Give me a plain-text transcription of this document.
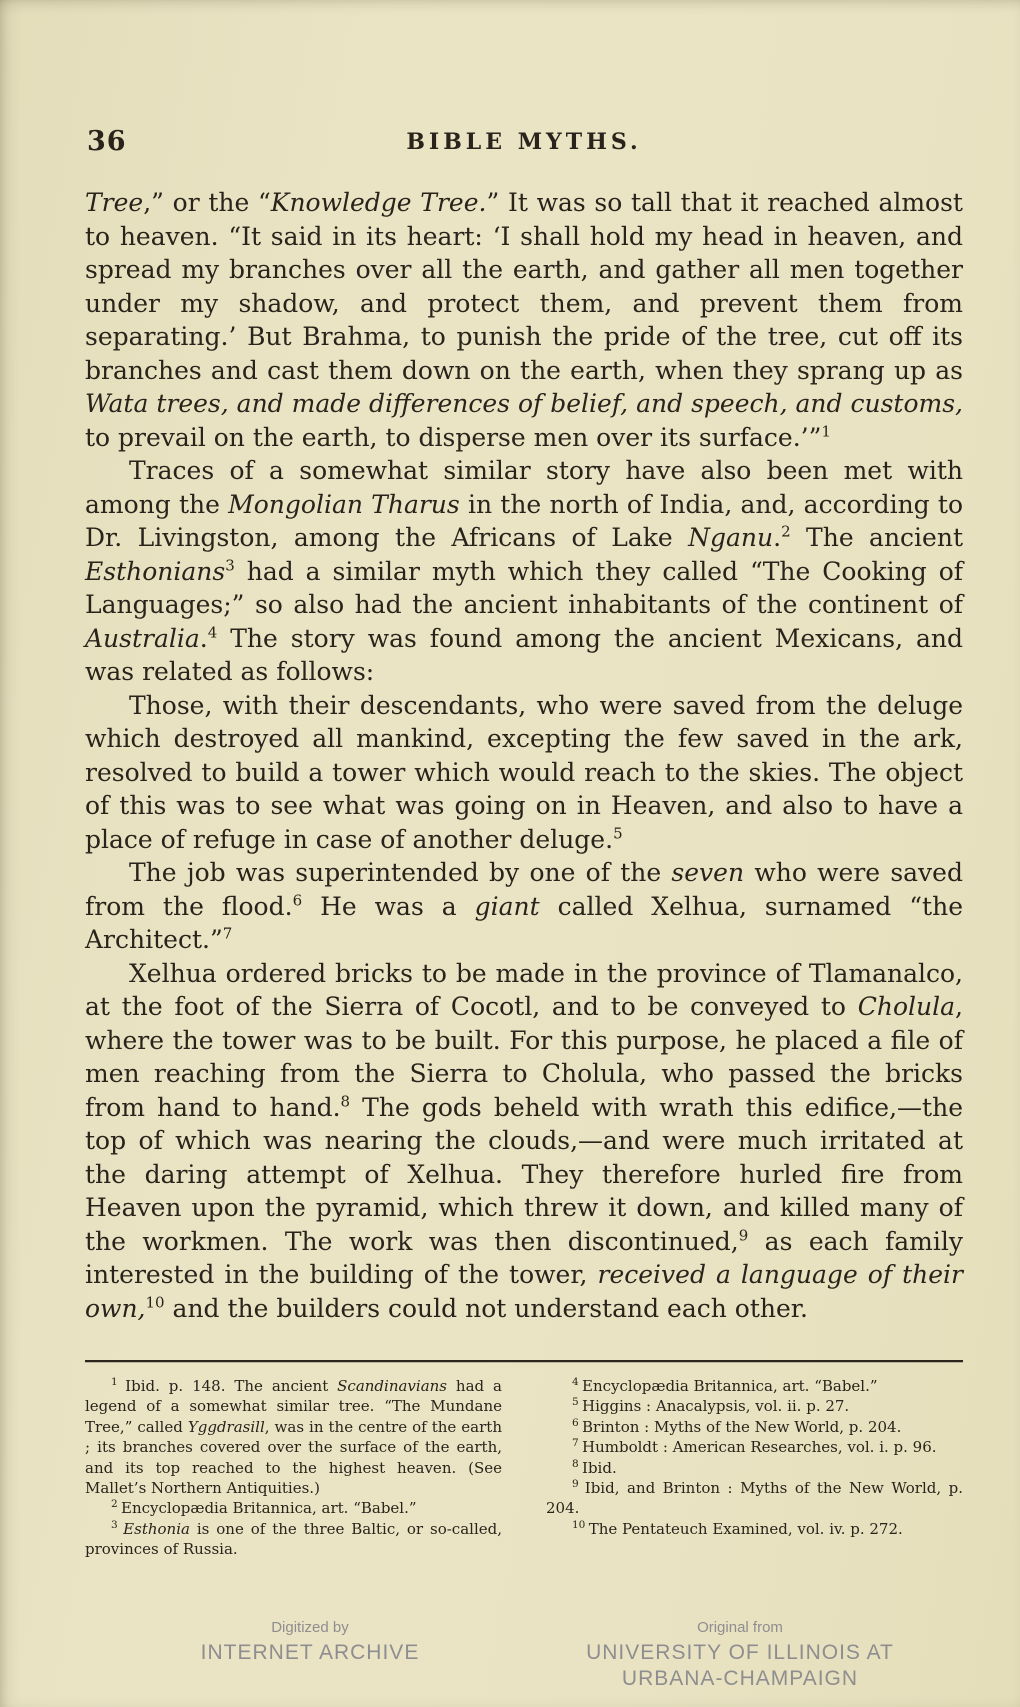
36	BIBLE MYTHS.

Tree,” or the “Knowledge Tree.” It was so tall that it reached almost to heaven. “It said in its heart: ‘I shall hold my head in heaven, and spread my branches over all the earth, and gather all men together under my shadow, and protect them, and prevent them from separating.’ But Brahma, to punish the pride of the tree, cut off its branches and cast them down on the earth, when they sprang up as Wata trees, and made differences of belief, and speech, and customs, to prevail on the earth, to disperse men over its surface.’”$^1$

Traces of a somewhat similar story have also been met with among the Mongolian Tharus in the north of India, and, according to Dr. Livingston, among the Africans of Lake Nganu.$^2$ The ancient Esthonians$^3$ had a similar myth which they called “The Cooking of Languages;” so also had the ancient inhabitants of the continent of Australia.$^4$ The story was found among the ancient Mexicans, and was related as follows:

Those, with their descendants, who were saved from the deluge which destroyed all mankind, excepting the few saved in the ark, resolved to build a tower which would reach to the skies. The object of this was to see what was going on in Heaven, and also to have a place of refuge in case of another deluge.$^5$

The job was superintended by one of the seven who were saved from the flood.$^6$ He was a giant called Xelhua, surnamed “the Architect.”$^7$

Xelhua ordered bricks to be made in the province of Tlamanalco, at the foot of the Sierra of Cocotl, and to be conveyed to Cholula, where the tower was to be built. For this purpose, he placed a file of men reaching from the Sierra to Cholula, who passed the bricks from hand to hand.$^8$ The gods beheld with wrath this edifice,—the top of which was nearing the clouds,—and were much irritated at the daring attempt of Xelhua. They therefore hurled fire from Heaven upon the pyramid, which threw it down, and killed many of the workmen. The work was then discontinued,$^9$ as each family interested in the building of the tower, received a language of their own,$^{10}$ and the builders could not understand each other.

$^1$ Ibid. p. 148. The ancient Scandinavians had a legend of a somewhat similar tree. “The Mundane Tree,” called Yggdrasill, was in the centre of the earth ; its branches covered over the surface of the earth, and its top reached to the highest heaven. (See Mallet’s Northern Antiquities.)

$^2$ Encyclopædia Britannica, art. “Babel.”

$^3$ Esthonia is one of the three Baltic, or so-called, provinces of Russia.

$^4$ Encyclopædia Britannica, art. “Babel.”

$^5$ Higgins : Anacalypsis, vol. ii. p. 27.

$^6$ Brinton : Myths of the New World, p. 204.

$^7$ Humboldt : American Researches, vol. i. p. 96.

$^8$ Ibid.

$^9$ Ibid, and Brinton : Myths of the New World, p. 204.

$^{10}$ The Pentateuch Examined, vol. iv. p. 272.

Digitized by
INTERNET ARCHIVE
Original from
UNIVERSITY OF ILLINOIS AT
URBANA-CHAMPAIGN
